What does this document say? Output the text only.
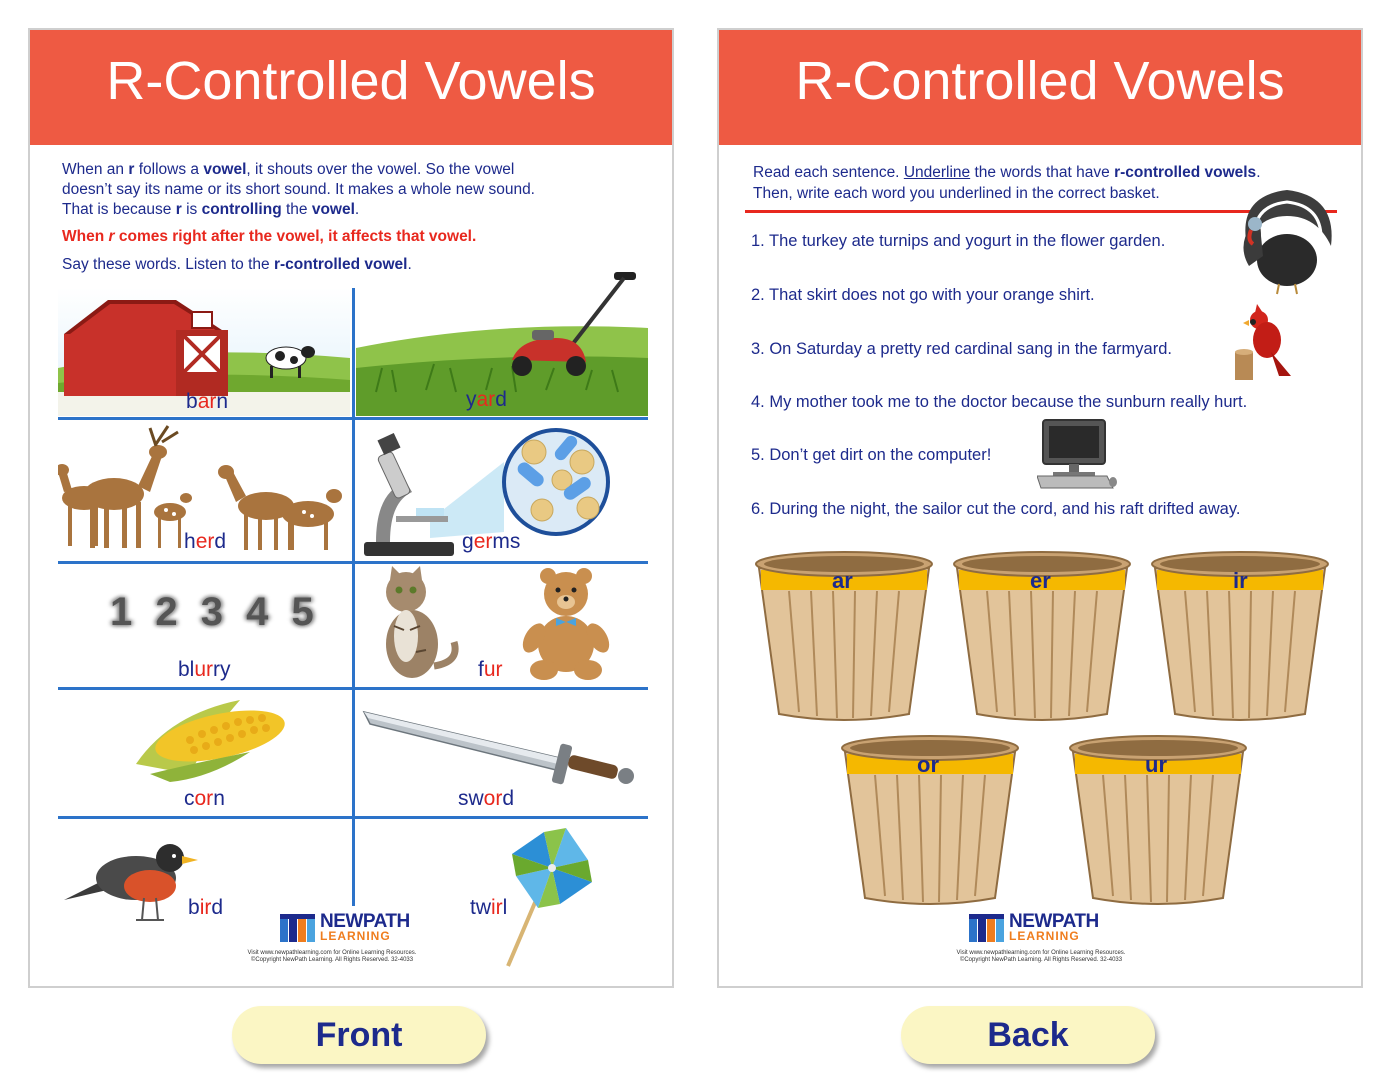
R-Controlled Vowels
When an r follows a vowel, it shouts over the vowel. So the vowel
doesn’t say its name or its short sound. It makes a whole new sound.
That is because r is controlling the vowel.
When r comes right after the vowel, it affects that vowel.
Say these words. Listen to the r-controlled vowel.
barn	yard
herd	germs
1 2 3 4 5
blurry	fur
corn	sword
bird	twirl
NEWPATH
LEARNING
Visit www.newpathlearning.com for Online Learning Resources.
©Copyright NewPath Learning. All Rights Reserved. 32-4033
R-Controlled Vowels
Read each sentence. Underline the words that have r-controlled vowels.
Then, write each word you underlined in the correct basket.
1. The turkey ate turnips and yogurt in the flower garden.
2. That skirt does not go with your orange shirt.
3. On Saturday a pretty red cardinal sang in the farmyard.
4. My mother took me to the doctor because the sunburn really hurt.
5. Don’t get dirt on the computer!
6. During the night, the sailor cut the cord, and his raft drifted away.
ar	er	ir
or	ur
NEWPATH
LEARNING
Visit www.newpathlearning.com for Online Learning Resources.
©Copyright NewPath Learning. All Rights Reserved. 32-4033
Front	Back
